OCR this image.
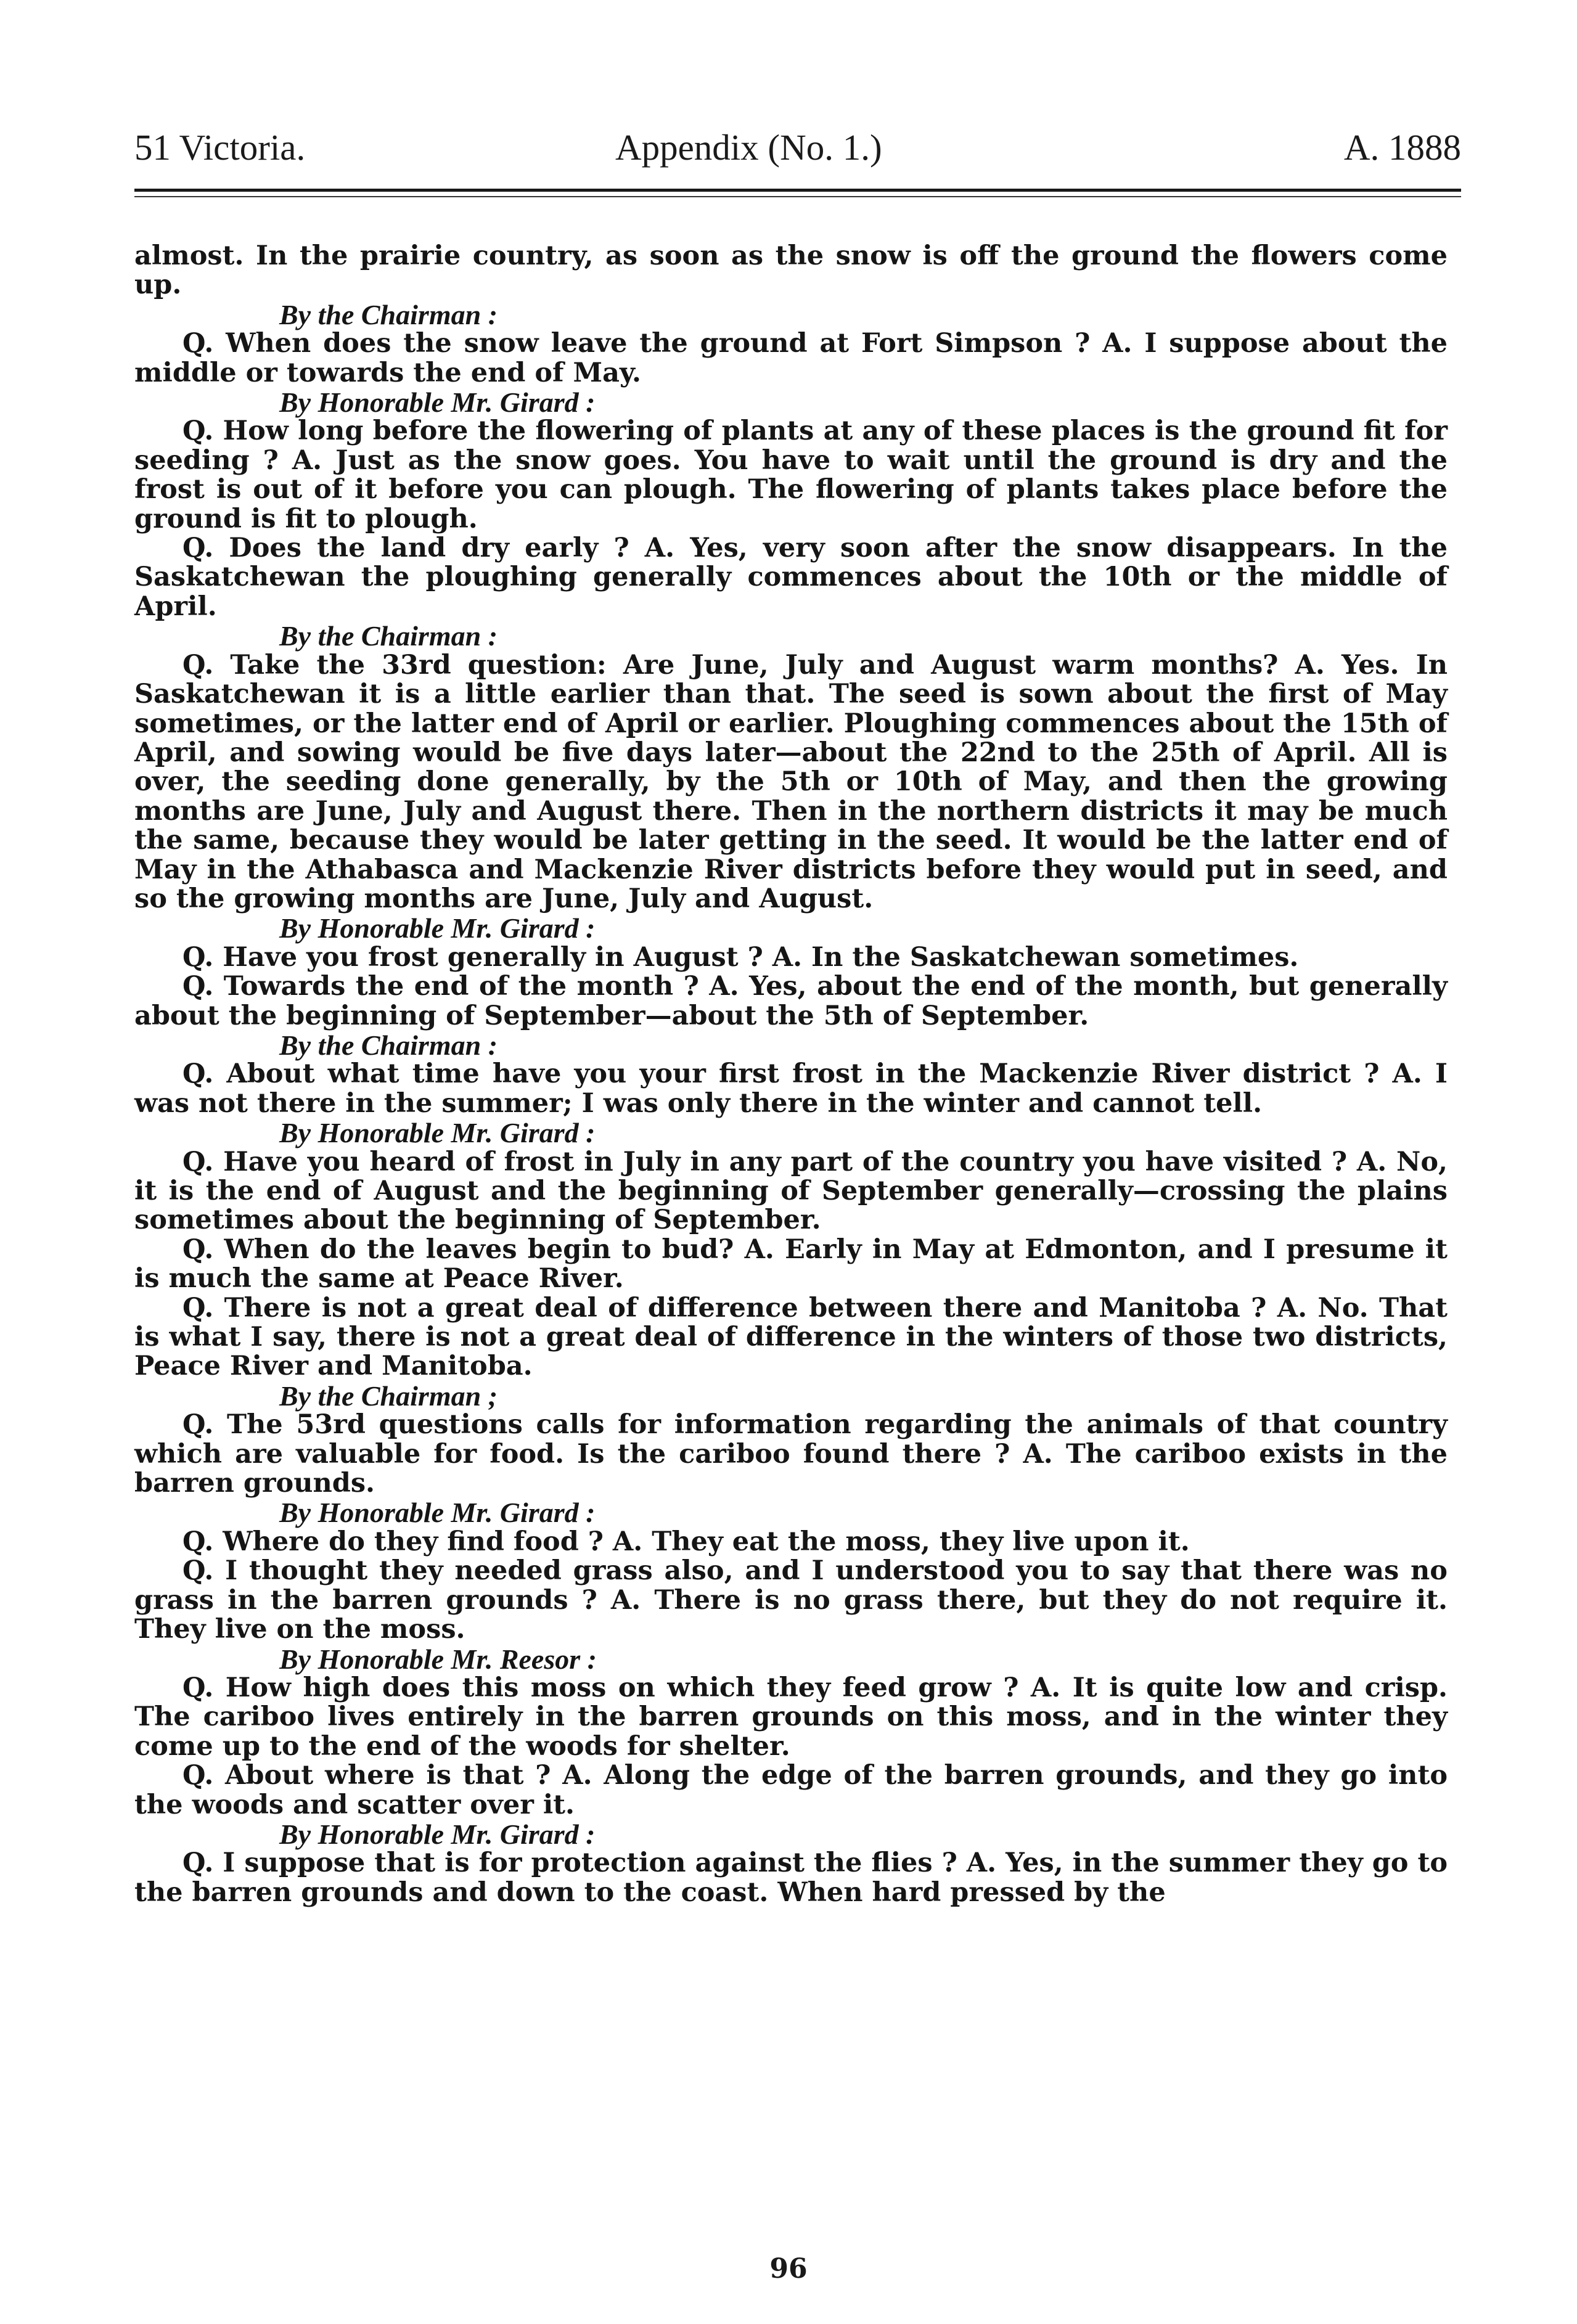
51 Victoria.	Appendix (No. 1.)	A. 1888

almost. In the prairie country, as soon as the snow is off the ground the flowers come up.

By the Chairman :

Q. When does the snow leave the ground at Fort Simpson ? A. I suppose about the middle or towards the end of May.

By Honorable Mr. Girard :

Q. How long before the flowering of plants at any of these places is the ground fit for seeding ? A. Just as the snow goes. You have to wait until the ground is dry and the frost is out of it before you can plough. The flowering of plants takes place before the ground is fit to plough.

Q. Does the land dry early ? A. Yes, very soon after the snow disappears. In the Saskatchewan the ploughing generally commences about the 10th or the middle of April.

By the Chairman :

Q. Take the 33rd question: Are June, July and August warm months? A. Yes. In Saskatchewan it is a little earlier than that. The seed is sown about the first of May sometimes, or the latter end of April or earlier. Ploughing commences about the 15th of April, and sowing would be five days later—about the 22nd to the 25th of April. All is over, the seeding done generally, by the 5th or 10th of May, and then the growing months are June, July and August there. Then in the northern districts it may be much the same, because they would be later getting in the seed. It would be the latter end of May in the Athabasca and Mackenzie River districts before they would put in seed, and so the growing months are June, July and August.

By Honorable Mr. Girard :

Q. Have you frost generally in August ? A. In the Saskatchewan sometimes.

Q. Towards the end of the month ? A. Yes, about the end of the month, but generally about the beginning of September—about the 5th of September.

By the Chairman :

Q. About what time have you your first frost in the Mackenzie River district ? A. I was not there in the summer; I was only there in the winter and cannot tell.

By Honorable Mr. Girard :

Q. Have you heard of frost in July in any part of the country you have visited ? A. No, it is the end of August and the beginning of September generally—crossing the plains sometimes about the beginning of September.

Q. When do the leaves begin to bud? A. Early in May at Edmonton, and I presume it is much the same at Peace River.

Q. There is not a great deal of difference between there and Manitoba ? A. No. That is what I say, there is not a great deal of difference in the winters of those two districts, Peace River and Manitoba.

By the Chairman ;

Q. The 53rd questions calls for information regarding the animals of that country which are valuable for food. Is the cariboo found there ? A. The cariboo exists in the barren grounds.

By Honorable Mr. Girard :

Q. Where do they find food ? A. They eat the moss, they live upon it.

Q. I thought they needed grass also, and I understood you to say that there was no grass in the barren grounds ? A. There is no grass there, but they do not require it. They live on the moss.

By Honorable Mr. Reesor :

Q. How high does this moss on which they feed grow ? A. It is quite low and crisp. The cariboo lives entirely in the barren grounds on this moss, and in the winter they come up to the end of the woods for shelter.

Q. About where is that ? A. Along the edge of the barren grounds, and they go into the woods and scatter over it.

By Honorable Mr. Girard :

Q. I suppose that is for protection against the flies ? A. Yes, in the summer they go to the barren grounds and down to the coast. When hard pressed by the

96
